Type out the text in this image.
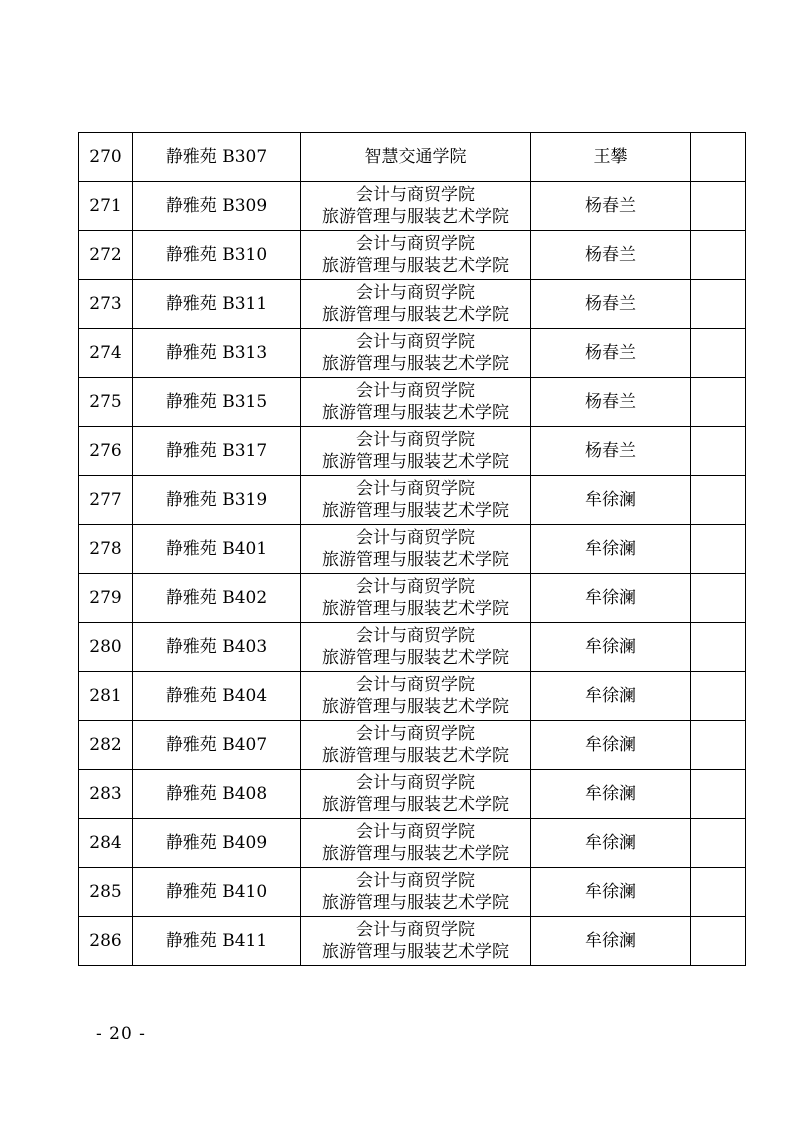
270	静雅苑 B307	智慧交通学院	王攀	
271	静雅苑 B309	会计与商贸学院
旅游管理与服装艺术学院	杨春兰	
272	静雅苑 B310	会计与商贸学院
旅游管理与服装艺术学院	杨春兰	
273	静雅苑 B311	会计与商贸学院
旅游管理与服装艺术学院	杨春兰	
274	静雅苑 B313	会计与商贸学院
旅游管理与服装艺术学院	杨春兰	
275	静雅苑 B315	会计与商贸学院
旅游管理与服装艺术学院	杨春兰	
276	静雅苑 B317	会计与商贸学院
旅游管理与服装艺术学院	杨春兰	
277	静雅苑 B319	会计与商贸学院
旅游管理与服装艺术学院	牟徐澜	
278	静雅苑 B401	会计与商贸学院
旅游管理与服装艺术学院	牟徐澜	
279	静雅苑 B402	会计与商贸学院
旅游管理与服装艺术学院	牟徐澜	
280	静雅苑 B403	会计与商贸学院
旅游管理与服装艺术学院	牟徐澜	
281	静雅苑 B404	会计与商贸学院
旅游管理与服装艺术学院	牟徐澜	
282	静雅苑 B407	会计与商贸学院
旅游管理与服装艺术学院	牟徐澜	
283	静雅苑 B408	会计与商贸学院
旅游管理与服装艺术学院	牟徐澜	
284	静雅苑 B409	会计与商贸学院
旅游管理与服装艺术学院	牟徐澜	
285	静雅苑 B410	会计与商贸学院
旅游管理与服装艺术学院	牟徐澜	
286	静雅苑 B411	会计与商贸学院
旅游管理与服装艺术学院	牟徐澜	
- 20 -
